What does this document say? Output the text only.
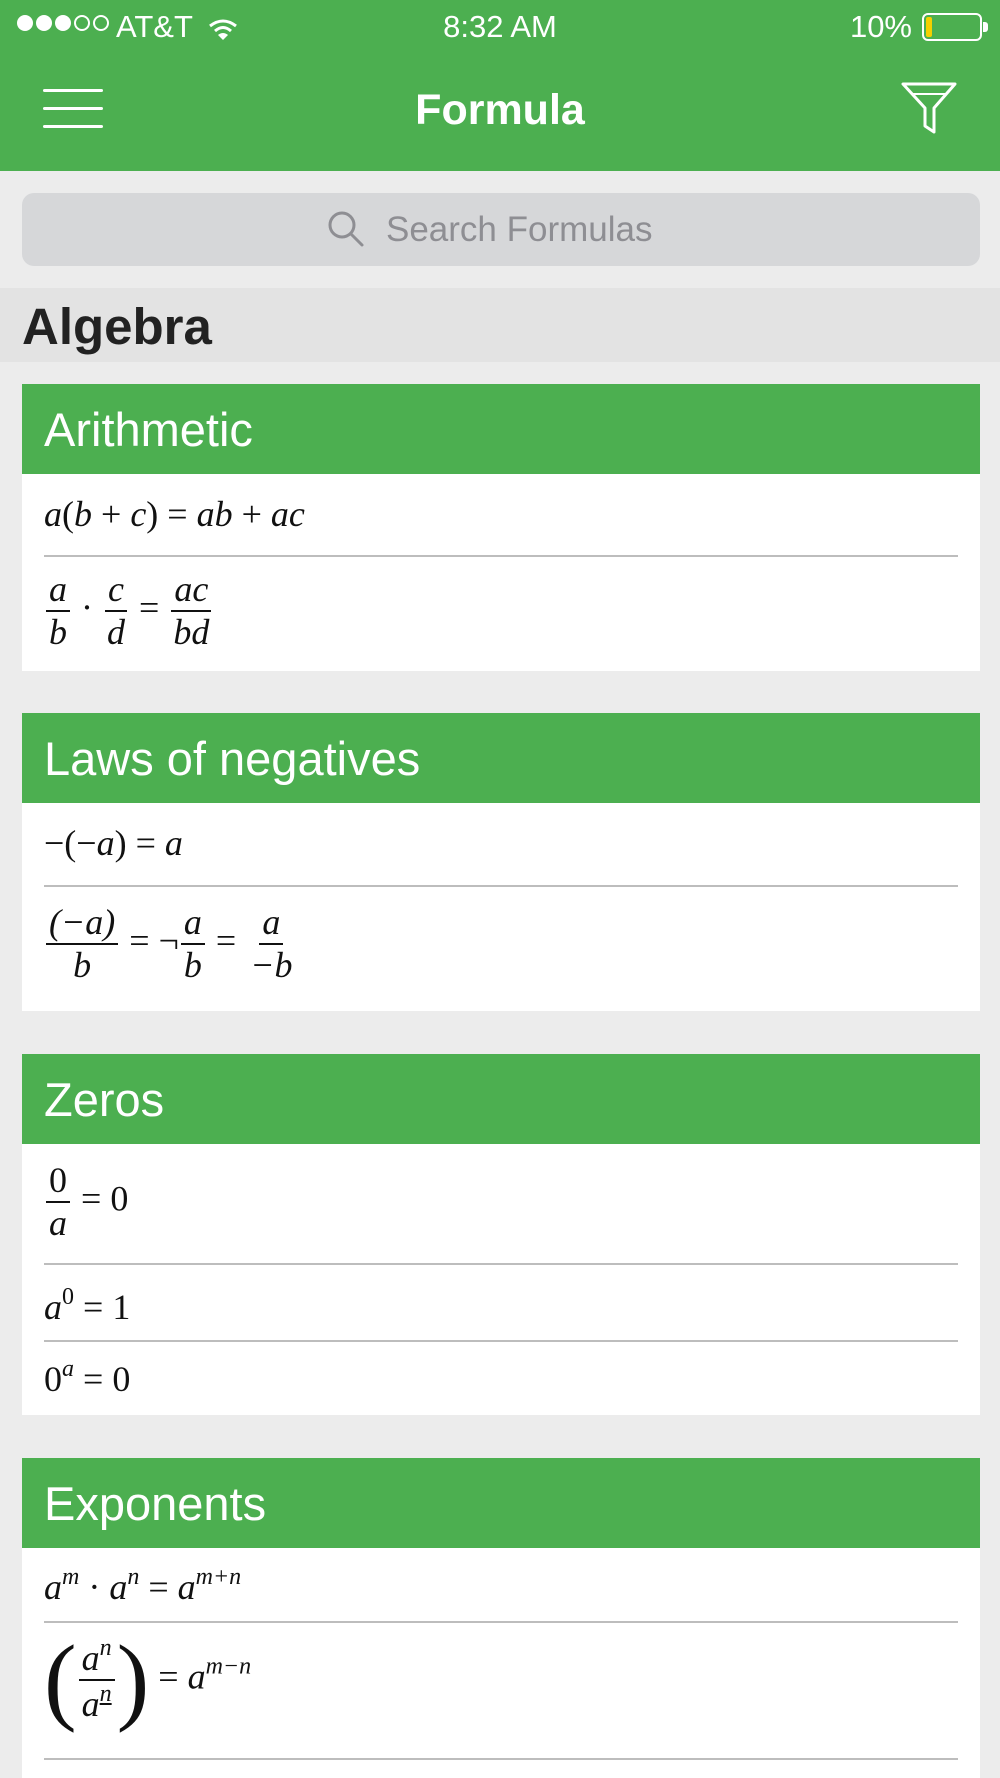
AT&T	8:32 AM	10%
Formula
Search Formulas
Algebra
Arithmetic
a(b + c) = ab + ac
$\frac{a}{b} \cdot \frac{c}{d} = \frac{ac}{bd}$
Laws of negatives
−(−a) = a
$\frac{(-a)}{b}$ = ¬ $\frac{a}{b} = \frac{a}{-b}$
Zeros
$\frac{0}{a} = 0$
$a^0 = 1$
$0^a = 0$
Exponents
$a^m \cdot a^n = a^{m+n}$
( $\frac{a^n}{a^n}$ ) = $a^{m-n}$
